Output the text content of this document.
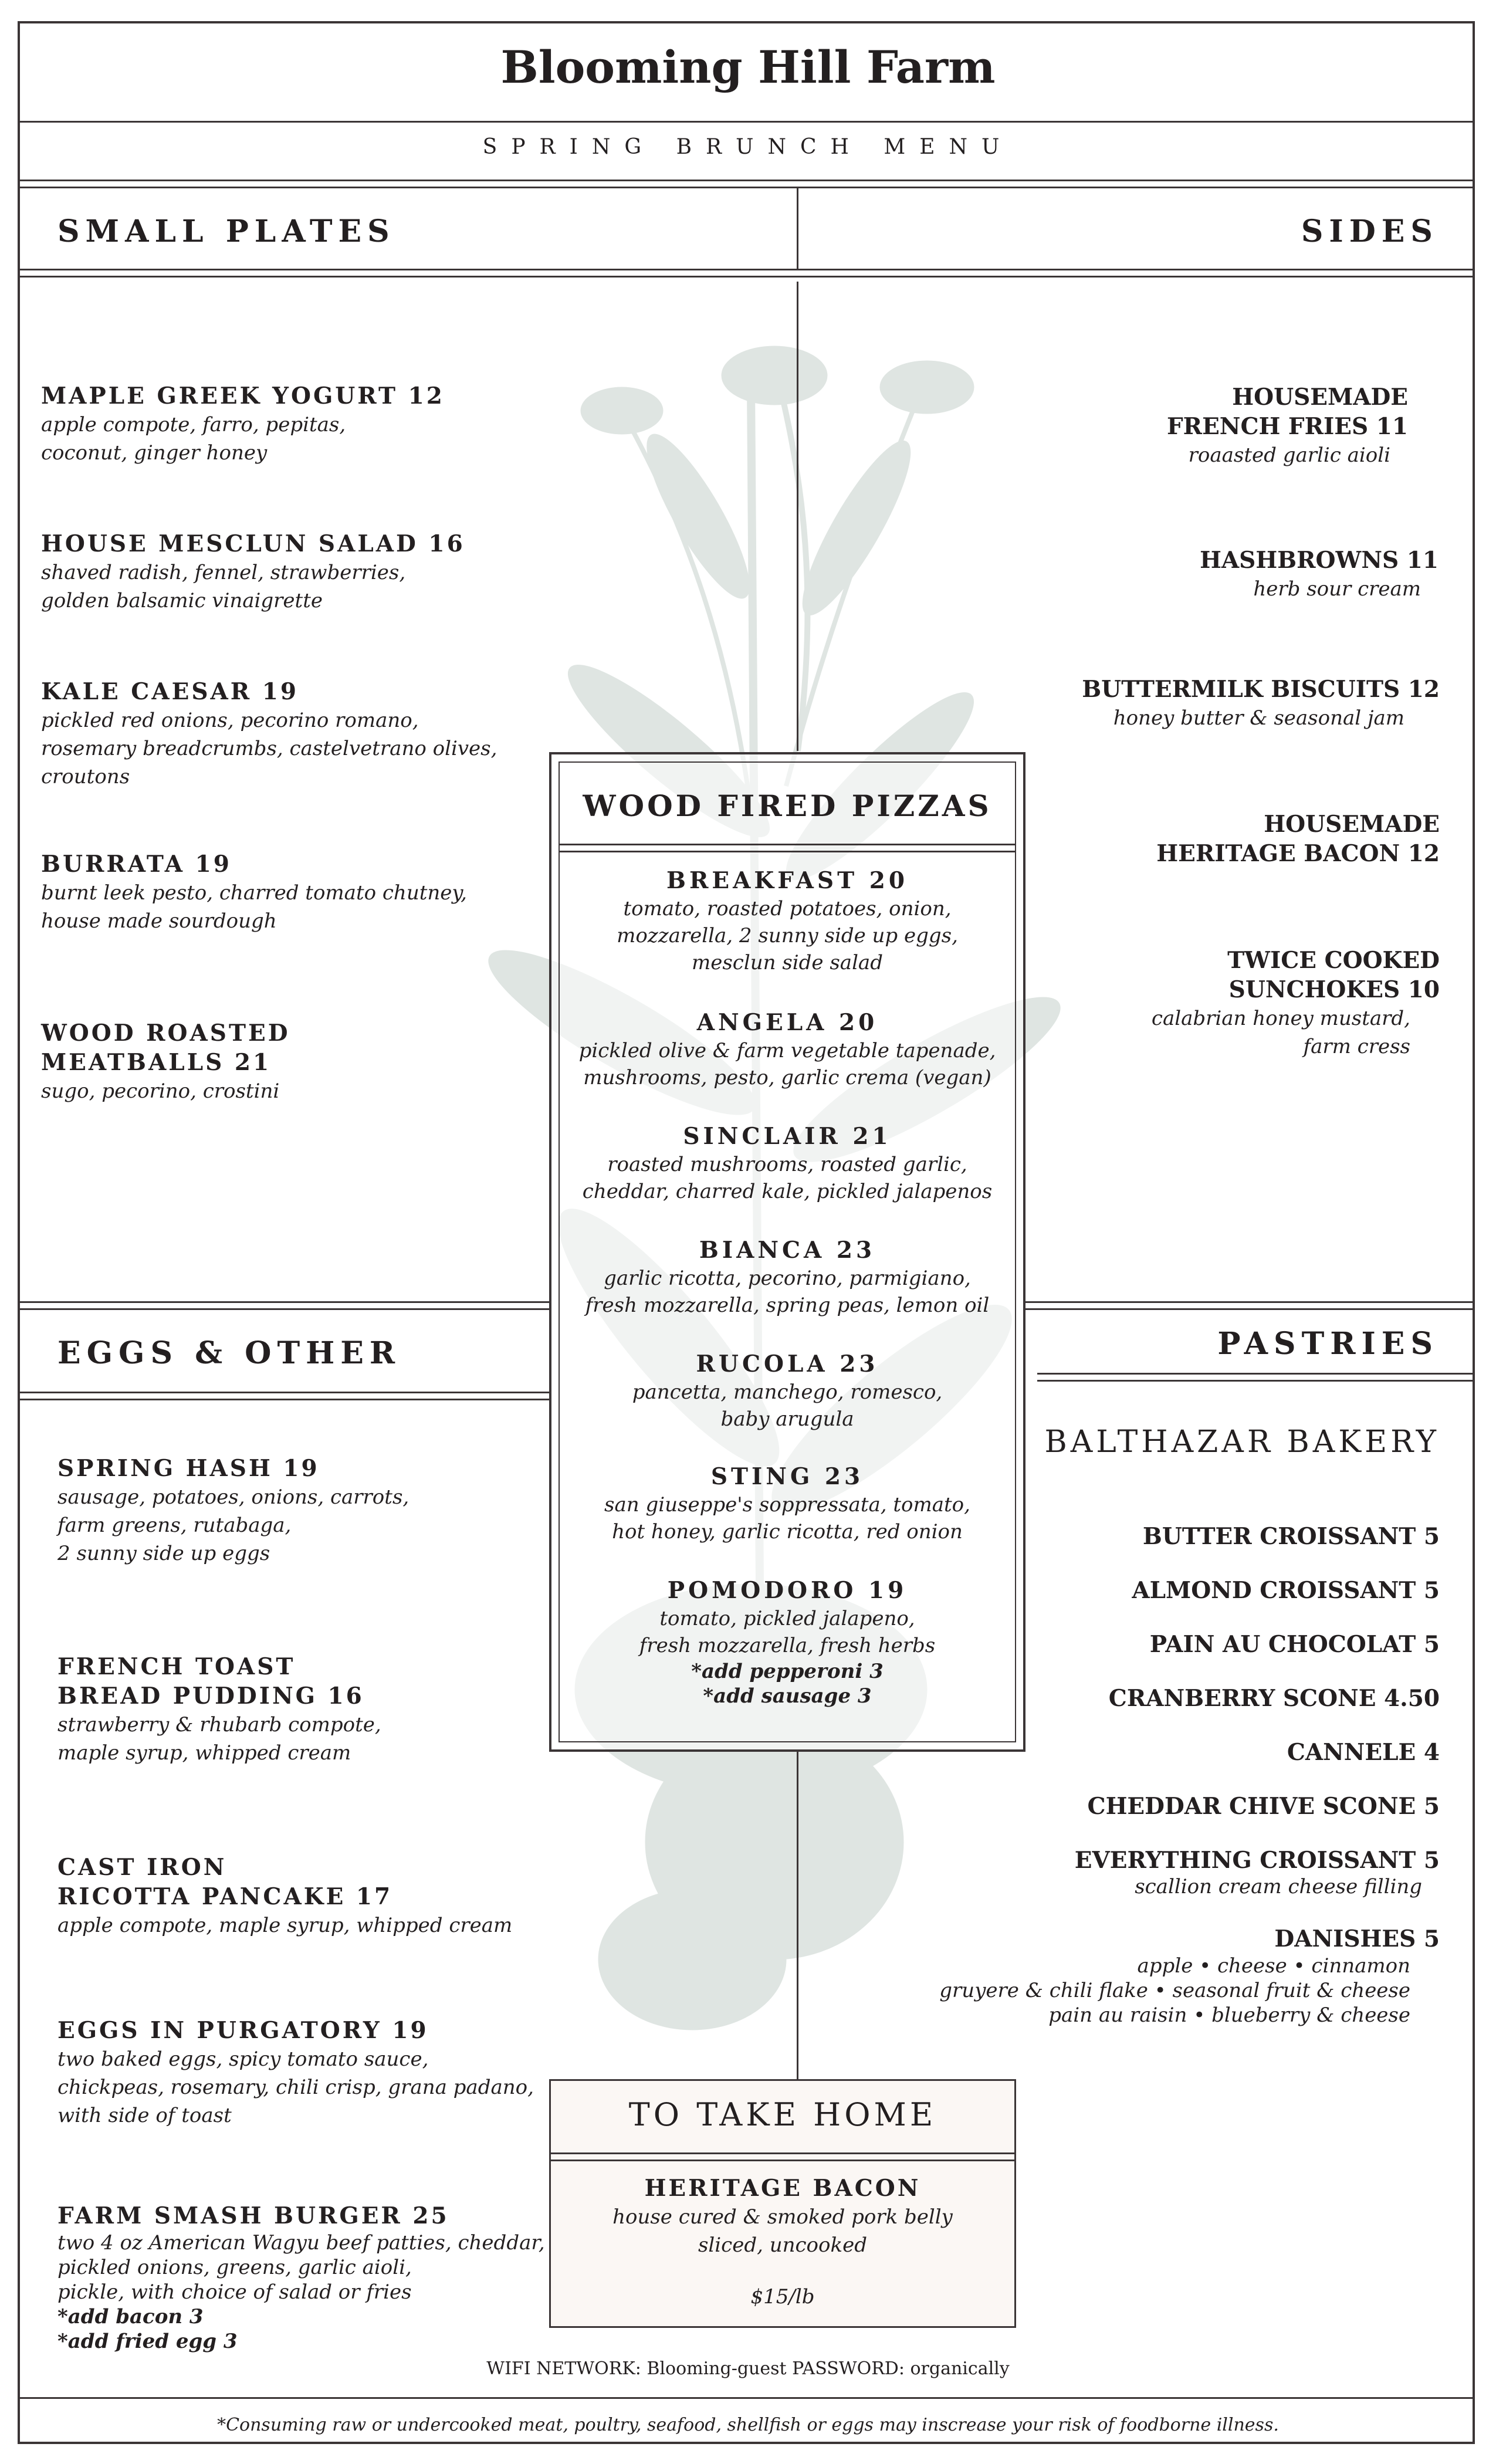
Blooming Hill Farm
SPRING BRUNCH MENU
SMALL PLATES	SIDES
MAPLE GREEK YOGURT 12
apple compote, farro, pepitas,
coconut, ginger honey
HOUSE MESCLUN SALAD 16
shaved radish, fennel, strawberries,
golden balsamic vinaigrette
KALE CAESAR 19
pickled red onions, pecorino romano,
rosemary breadcrumbs, castelvetrano olives,
croutons
BURRATA 19
burnt leek pesto, charred tomato chutney,
house made sourdough
WOOD ROASTED
MEATBALLS 21
sugo, pecorino, crostini
HOUSEMADE
FRENCH FRIES 11
roaasted garlic aioli
HASHBROWNS 11
herb sour cream
BUTTERMILK BISCUITS 12
honey butter & seasonal jam
HOUSEMADE
HERITAGE BACON 12
TWICE COOKED
SUNCHOKES 10
calabrian honey mustard,
farm cress
EGGS & OTHER	PASTRIES
WOOD FIRED PIZZAS
BREAKFAST 20
tomato, roasted potatoes, onion,
mozzarella, 2 sunny side up eggs,
mesclun side salad
ANGELA 20
pickled olive & farm vegetable tapenade,
mushrooms, pesto, garlic crema (vegan)
SINCLAIR 21
roasted mushrooms, roasted garlic,
cheddar, charred kale, pickled jalapenos
BIANCA 23
garlic ricotta, pecorino, parmigiano,
fresh mozzarella, spring peas, lemon oil
RUCOLA 23
pancetta, manchego, romesco,
baby arugula
STING 23
san giuseppe's soppressata, tomato,
hot honey, garlic ricotta, red onion
POMODORO 19
tomato, pickled jalapeno,
fresh mozzarella, fresh herbs
*add pepperoni 3
*add sausage 3
SPRING HASH 19
sausage, potatoes, onions, carrots,
farm greens, rutabaga,
2 sunny side up eggs
FRENCH TOAST
BREAD PUDDING 16
strawberry & rhubarb compote,
maple syrup, whipped cream
CAST IRON
RICOTTA PANCAKE 17
apple compote, maple syrup, whipped cream
EGGS IN PURGATORY 19
two baked eggs, spicy tomato sauce,
chickpeas, rosemary, chili crisp, grana padano,
with side of toast
FARM SMASH BURGER 25
two 4 oz American Wagyu beef patties, cheddar,
pickled onions, greens, garlic aioli,
pickle, with choice of salad or fries
*add bacon 3
*add fried egg 3
BALTHAZAR BAKERY
BUTTER CROISSANT 5
ALMOND CROISSANT 5
PAIN AU CHOCOLAT 5
CRANBERRY SCONE 4.50
CANNELE 4
CHEDDAR CHIVE SCONE 5
EVERYTHING CROISSANT 5
scallion cream cheese filling
DANISHES 5
apple • cheese • cinnamon
gruyere & chili flake • seasonal fruit & cheese
pain au raisin • blueberry & cheese
TO TAKE HOME
HERITAGE BACON
house cured & smoked pork belly
sliced, uncooked
$15/lb
WIFI NETWORK: Blooming-guest PASSWORD: organically
*Consuming raw or undercooked meat, poultry, seafood, shellfish or eggs may inscrease your risk of foodborne illness.
